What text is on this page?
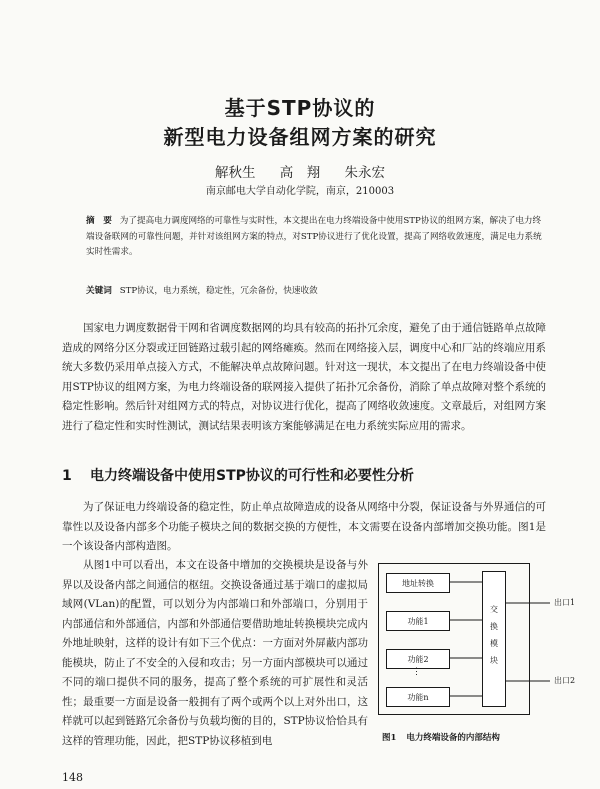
基于STP协议的
新型电力设备组网方案的研究
解秋生 高　翔 朱永宏
南京邮电大学自动化学院，南京，210003
摘　要 为了提高电力调度网络的可靠性与实时性，本文提出在电力终端设备中使用STP协议的组网方案，解决了电力终端设备联网的可靠性问题，并针对该组网方案的特点，对STP协议进行了优化设置，提高了网络收敛速度，满足电力系统实时性需求。
关键词 STP协议，电力系统，稳定性，冗余备份，快速收敛
国家电力调度数据骨干网和省调度数据网的均具有较高的拓扑冗余度，避免了由于通信链路单点故障造成的网络分区分裂或迂回链路过载引起的网络瘫痪。然而在网络接入层，调度中心和厂站的终端应用系统大多数仍采用单点接入方式，不能解决单点故障问题。针对这一现状，本文提出了在电力终端设备中使用STP协议的组网方案，为电力终端设备的联网接入提供了拓扑冗余备份，消除了单点故障对整个系统的稳定性影响。然后针对组网方式的特点，对协议进行优化，提高了网络收敛速度。文章最后，对组网方案进行了稳定性和实时性测试，测试结果表明该方案能够满足在电力系统实际应用的需求。
1 电力终端设备中使用STP协议的可行性和必要性分析
为了保证电力终端设备的稳定性，防止单点故障造成的设备从网络中分裂，保证设备与外界通信的可靠性以及设备内部多个功能子模块之间的数据交换的方便性，本文需要在设备内部增加交换功能。图1是一个该设备内部构造图。
从图1中可以看出，本文在设备中增加的交换模块是设备与外界以及设备内部之间通信的枢纽。交换设备通过基于端口的虚拟局域网(VLan)的配置，可以划分为内部端口和外部端口，分别用于内部通信和外部通信，内部和外部通信要借助地址转换模块完成内外地址映射，这样的设计有如下三个优点：一方面对外屏蔽内部功能模块，防止了不安全的入侵和攻击；另一方面内部模块可以通过不同的端口提供不同的服务，提高了整个系统的可扩展性和灵活性；最重要一方面是设备一般拥有了两个或两个以上对外出口，这样就可以起到链路冗余备份与负载均衡的目的，STP协议恰恰具有这样的管理功能，因此，把STP协议移植到电
地址转换
功能1
功能2
⋮
功能n
交换模块
出口1
出口2
图1 电力终端设备的内部结构
148
